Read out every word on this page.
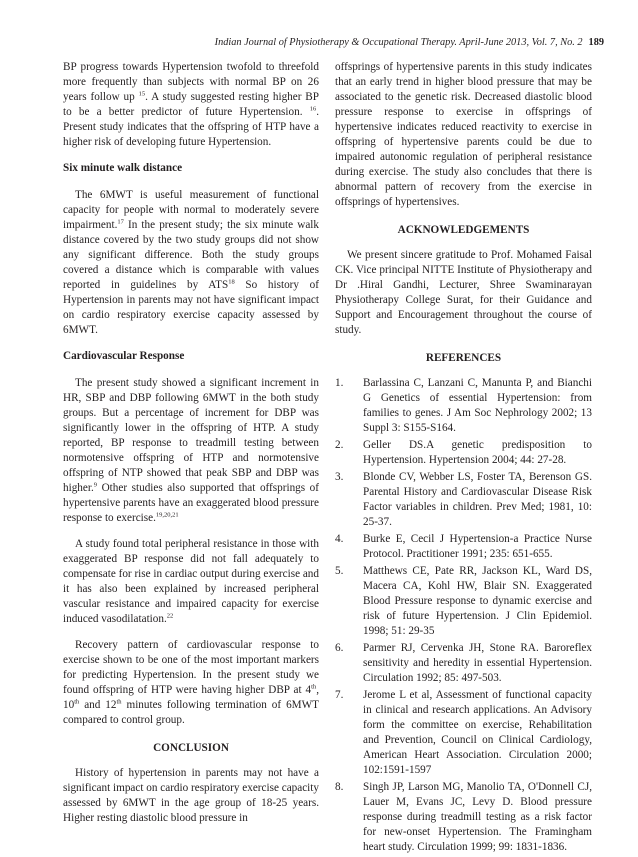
Indian Journal of Physiotherapy & Occupational Therapy. April-June 2013, Vol. 7, No. 2 189

BP progress towards Hypertension twofold to threefold more frequently than subjects with normal BP on 26 years follow up $^{15}$. A study suggested resting higher BP to be a better predictor of future Hypertension. $^{16}$. Present study indicates that the offspring of HTP have a higher risk of developing future Hypertension.

Six minute walk distance

The 6MWT is useful measurement of functional capacity for people with normal to moderately severe impairment.$^{17}$ In the present study; the six minute walk distance covered by the two study groups did not show any significant difference. Both the study groups covered a distance which is comparable with values reported in guidelines by ATS$^{18}$ So history of Hypertension in parents may not have significant impact on cardio respiratory exercise capacity assessed by 6MWT.

Cardiovascular Response

The present study showed a significant increment in HR, SBP and DBP following 6MWT in the both study groups. But a percentage of increment for DBP was significantly lower in the offspring of HTP. A study reported, BP response to treadmill testing between normotensive offspring of HTP and normotensive offspring of NTP showed that peak SBP and DBP was higher.$^9$ Other studies also supported that offsprings of hypertensive parents have an exaggerated blood pressure response to exercise.$^{19,20,21}$

A study found total peripheral resistance in those with exaggerated BP response did not fall adequately to compensate for rise in cardiac output during exercise and it has also been explained by increased peripheral vascular resistance and impaired capacity for exercise induced vasodilatation.$^{22}$

Recovery pattern of cardiovascular response to exercise shown to be one of the most important markers for predicting Hypertension. In the present study we found offspring of HTP were having higher DBP at 4th, 10th and 12th minutes following termination of 6MWT compared to control group.

CONCLUSION

History of hypertension in parents may not have a significant impact on cardio respiratory exercise capacity assessed by 6MWT in the age group of 18-25 years. Higher resting diastolic blood pressure in

offsprings of hypertensive parents in this study indicates that an early trend in higher blood pressure that may be associated to the genetic risk. Decreased diastolic blood pressure response to exercise in offsprings of hypertensive indicates reduced reactivity to exercise in offspring of hypertensive parents could be due to impaired autonomic regulation of peripheral resistance during exercise. The study also concludes that there is abnormal pattern of recovery from the exercise in offsprings of hypertensives.

ACKNOWLEDGEMENTS

We present sincere gratitude to Prof. Mohamed Faisal CK. Vice principal NITTE Institute of Physiotherapy and Dr .Hiral Gandhi, Lecturer, Shree Swaminarayan Physiotherapy College Surat, for their Guidance and Support and Encouragement throughout the course of study.

REFERENCES
1. Barlassina C, Lanzani C, Manunta P, and Bianchi G Genetics of essential Hypertension: from families to genes. J Am Soc Nephrology 2002; 13 Suppl 3: S155-S164.
2. Geller DS.A genetic predisposition to Hypertension. Hypertension 2004; 44: 27-28.
3. Blonde CV, Webber LS, Foster TA, Berenson GS. Parental History and Cardiovascular Disease Risk Factor variables in children. Prev Med; 1981, 10: 25-37.
4. Burke E, Cecil J Hypertension-a Practice Nurse Protocol. Practitioner 1991; 235: 651-655.
5. Matthews CE, Pate RR, Jackson KL, Ward DS, Macera CA, Kohl HW, Blair SN. Exaggerated Blood Pressure response to dynamic exercise and risk of future Hypertension. J Clin Epidemiol. 1998; 51: 29-35
6. Parmer RJ, Cervenka JH, Stone RA. Baroreflex sensitivity and heredity in essential Hypertension. Circulation 1992; 85: 497-503.
7. Jerome L et al, Assessment of functional capacity in clinical and research applications. An Advisory form the committee on exercise, Rehabilitation and Prevention, Council on Clinical Cardiology, American Heart Association. Circulation 2000; 102:1591-1597
8. Singh JP, Larson MG, Manolio TA, O'Donnell CJ, Lauer M, Evans JC, Levy D. Blood pressure response during treadmill testing as a risk factor for new-onset Hypertension. The Framingham heart study. Circulation 1999; 99: 1831-1836.
